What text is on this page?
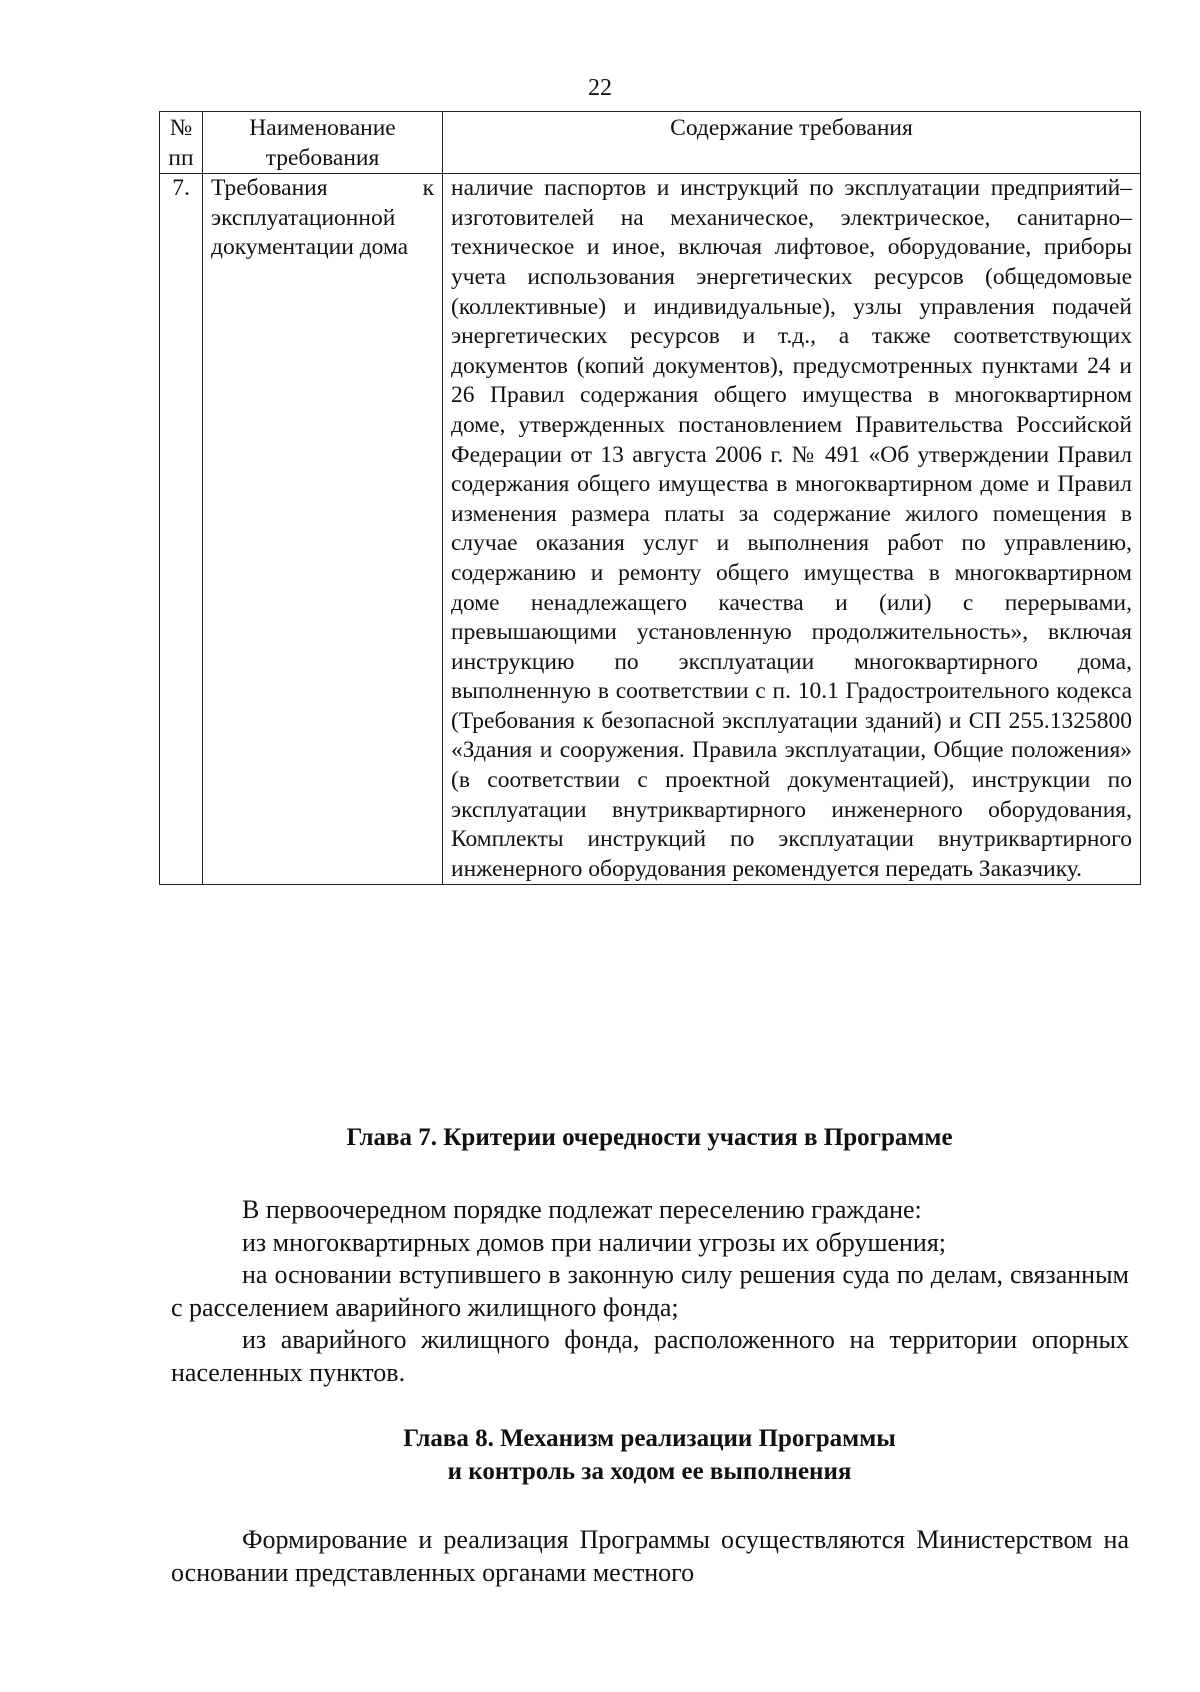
22
№ пп	Наименование требования	Содержание требования
7.	Требования к эксплуатационной документации дома	наличие паспортов и инструкций по эксплуатации предприятий–изготовителей на механическое, электрическое, санитарно–техническое и иное, включая лифтовое, оборудование, приборы учета использования энергетических ресурсов (общедомовые (коллективные) и индивидуальные), узлы управления подачей энергетических ресурсов и т.д., а также соответствующих документов (копий документов), предусмотренных пунктами 24 и 26 Правил содержания общего имущества в многоквартирном доме, утвержденных постановлением Правительства Российской Федерации от 13 августа 2006 г. № 491 «Об утверждении Правил содержания общего имущества в многоквартирном доме и Правил изменения размера платы за содержание жилого помещения в случае оказания услуг и выполнения работ по управлению, содержанию и ремонту общего имущества в многоквартирном доме ненадлежащего качества и (или) с перерывами, превышающими установленную продолжительность», включая инструкцию по эксплуатации многоквартирного дома, выполненную в соответствии с п. 10.1 Градостроительного кодекса (Требования к безопасной эксплуатации зданий) и СП 255.1325800 «Здания и сооружения. Правила эксплуатации, Общие положения» (в соответствии с проектной документацией), инструкции по эксплуатации внутриквартирного инженерного оборудования, Комплекты инструкций по эксплуатации внутриквартирного инженерного оборудования рекомендуется передать Заказчику.
Глава 7. Критерии очередности участия в Программе

В первоочередном порядке подлежат переселению граждане:

из многоквартирных домов при наличии угрозы их обрушения;

на основании вступившего в законную силу решения суда по делам, связанным с расселением аварийного жилищного фонда;

из аварийного жилищного фонда, расположенного на территории опорных населенных пунктов.

Глава 8. Механизм реализации Программы
и контроль за ходом ее выполнения

Формирование и реализация Программы осуществляются Министерством на основании представленных органами местного
